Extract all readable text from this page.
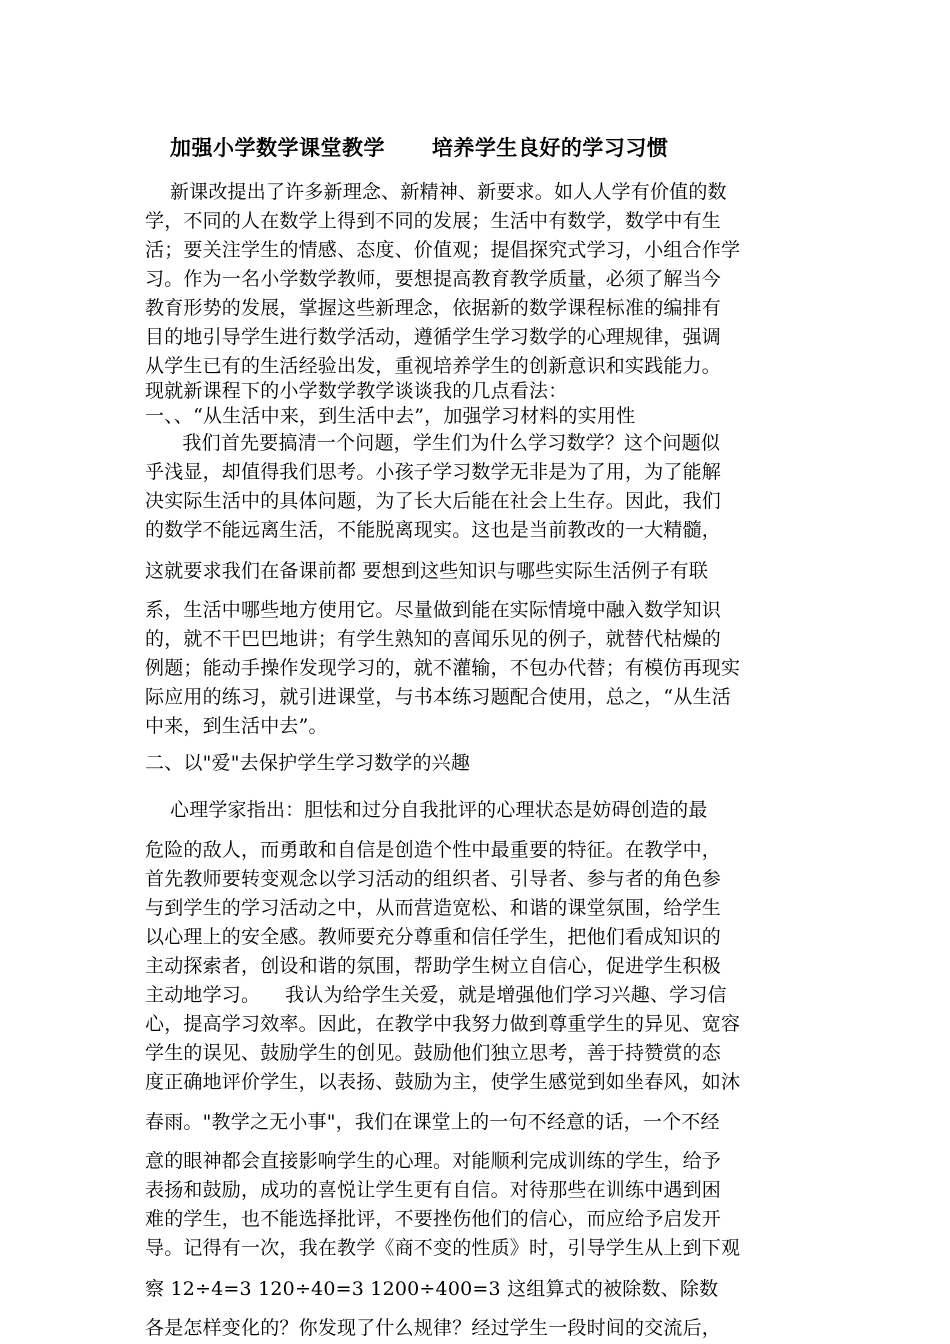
加强小学数学课堂教学      培养学生良好的学习习惯
新课改提出了许多新理念、新精神、新要求。如人人学有价值的数
学，不同的人在数学上得到不同的发展；生活中有数学，数学中有生
活；要关注学生的情感、态度、价值观；提倡探究式学习，小组合作学
习。作为一名小学数学教师，要想提高教育教学质量，必须了解当今
教育形势的发展，掌握这些新理念，依据新的数学课程标准的编排有
目的地引导学生进行数学活动，遵循学生学习数学的心理规律，强调
从学生已有的生活经验出发，重视培养学生的创新意识和实践能力。
现就新课程下的小学数学教学谈谈我的几点看法：
一、、“从生活中来，到生活中去”，加强学习材料的实用性
我们首先要搞清一个问题，学生们为什么学习数学？这个问题似
乎浅显，却值得我们思考。小孩子学习数学无非是为了用，为了能解
决实际生活中的具体问题，为了长大后能在社会上生存。因此，我们
的数学不能远离生活，不能脱离现实。这也是当前教改的一大精髓，
这就要求我们在备课前都 要想到这些知识与哪些实际生活例子有联
系，生活中哪些地方使用它。尽量做到能在实际情境中融入数学知识
的，就不干巴巴地讲；有学生熟知的喜闻乐见的例子，就替代枯燥的
例题；能动手操作发现学习的，就不灌输，不包办代替；有模仿再现实
际应用的练习，就引进课堂，与书本练习题配合使用，总之，“从生活
中来，到生活中去”。
二、以"爱"去保护学生学习数学的兴趣
心理学家指出：胆怯和过分自我批评的心理状态是妨碍创造的最
危险的敌人，而勇敢和自信是创造个性中最重要的特征。在教学中，
首先教师要转变观念以学习活动的组织者、引导者、参与者的角色参
与到学生的学习活动之中，从而营造宽松、和谐的课堂氛围，给学生
以心理上的安全感。教师要充分尊重和信任学生，把他们看成知识的
主动探索者，创设和谐的氛围，帮助学生树立自信心，促进学生积极
主动地学习。    我认为给学生关爱，就是增强他们学习兴趣、学习信
心，提高学习效率。因此，在教学中我努力做到尊重学生的异见、宽容
学生的误见、鼓励学生的创见。鼓励他们独立思考，善于持赞赏的态
度正确地评价学生，以表扬、鼓励为主，使学生感觉到如坐春风，如沐
春雨。"教学之无小事"，我们在课堂上的一句不经意的话，一个不经
意的眼神都会直接影响学生的心理。对能顺利完成训练的学生，给予
表扬和鼓励，成功的喜悦让学生更有自信。对待那些在训练中遇到困
难的学生，也不能选择批评，不要挫伤他们的信心，而应给予启发开
导。记得有一次，我在教学《商不变的性质》时，引导学生从上到下观
察 12÷4=3 120÷40=3 1200÷400=3 这组算式的被除数、除数
各是怎样变化的？你发现了什么规律？经过学生一段时间的交流后，
